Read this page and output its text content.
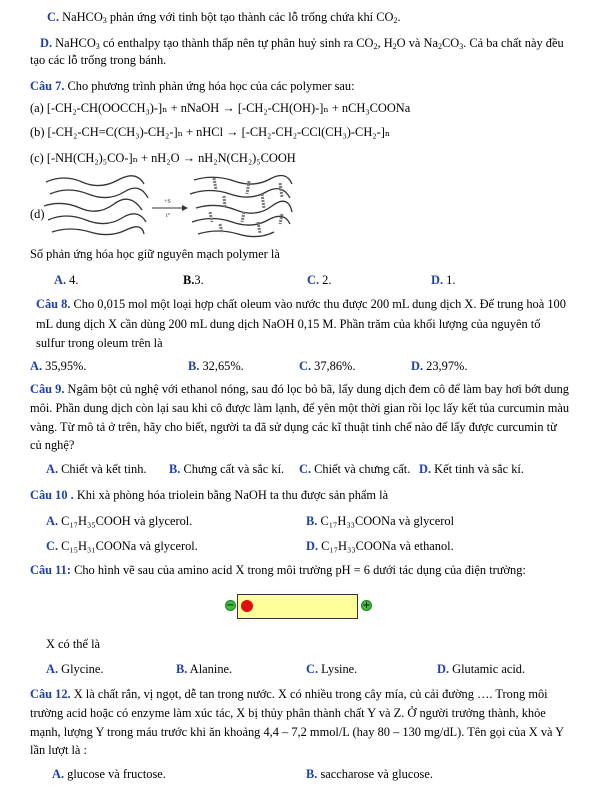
C. NaHCO$_3$ phản ứng với tinh bột tạo thành các lỗ trống chứa khí $CO_2$.
D. NaHCO$_3$ có enthalpy tạo thành thấp nên tự phân huỷ sinh ra $CO_2$, $H_2O$ và $Na_2CO_3$. Cả ba chất này đều
tạo các lỗ trống trong bánh.
Câu 7. Cho phương trình phản ứng hóa học của các polymer sau:
(a) [-CH₂-CH(OOCCH₃)-]ₙ + nNaOH → [-CH₂-CH(OH)-]ₙ + nCH₃COONa
(b) [-CH₂-CH=C(CH₃)-CH₂-]ₙ + nHCl → [-CH₂-CH₂-CCl(CH₃)-CH₂-]ₙ
(c) [-NH(CH₂)₅CO-]ₙ + nH₂O → nH₂N(CH₂)₅COOH
(d)
+S
t°
Số phản ứng hóa học giữ nguyên mạch polymer là
A. 4.	B.3.	C. 2.	D. 1.
Câu 8. Cho 0,015 mol một loại hợp chất oleum vào nước thu được 200 mL dung dịch X. Để trung hoà 100
mL dung dịch X cần dùng 200 mL dung dịch NaOH 0,15 M. Phần trăm của khối lượng của nguyên tố
sulfur trong oleum trên là
A. 35,95%.	B. 32,65%.	C. 37,86%.	D. 23,97%.
Câu 9. Ngâm bột củ nghệ với ethanol nóng, sau đó lọc bỏ bã, lấy dung dịch đem cô để làm bay hơi bớt dung
môi. Phần dung dịch còn lại sau khi cô được làm lạnh, để yên một thời gian rồi lọc lấy kết tủa curcumin màu
vàng. Từ mô tả ở trên, hãy cho biết, người ta đã sử dụng các kĩ thuật tinh chế nào để lấy được curcumin từ
củ nghệ?
A. Chiết và kết tinh. B. Chưng cất và sắc kí. C. Chiết và chưng cất. D. Kết tinh và sắc kí.
Câu 10 . Khi xà phòng hóa triolein bằng NaOH ta thu được sản phẩm là
A. C₁₇H₃₅COOH và glycerol.	B. C₁₇H₃₃COONa và glycerol
C. C₁₅H₃₁COONa và glycerol.	D. C₁₇H₃₃COONa và ethanol.
Câu 11: Cho hình vẽ sau của amino acid X trong môi trường pH = 6 dưới tác dụng của điện trường:
−	+
X có thể là
A. Glycine.	B. Alanine.	C. Lysine.	D. Glutamic acid.
Câu 12. X là chất rắn, vị ngọt, dễ tan trong nước. X có nhiều trong cây mía, củ cải đường …. Trong môi
trường acid hoặc có enzyme làm xúc tác, X bị thủy phân thành chất Y và Z. Ở người trưởng thành, khỏe
mạnh, lượng Y trong máu trước khi ăn khoảng 4,4 – 7,2 mmol/L (hay 80 – 130 mg/dL). Tên gọi của X và Y
lần lượt là :
A. glucose và fructose.	B. saccharose và glucose.
